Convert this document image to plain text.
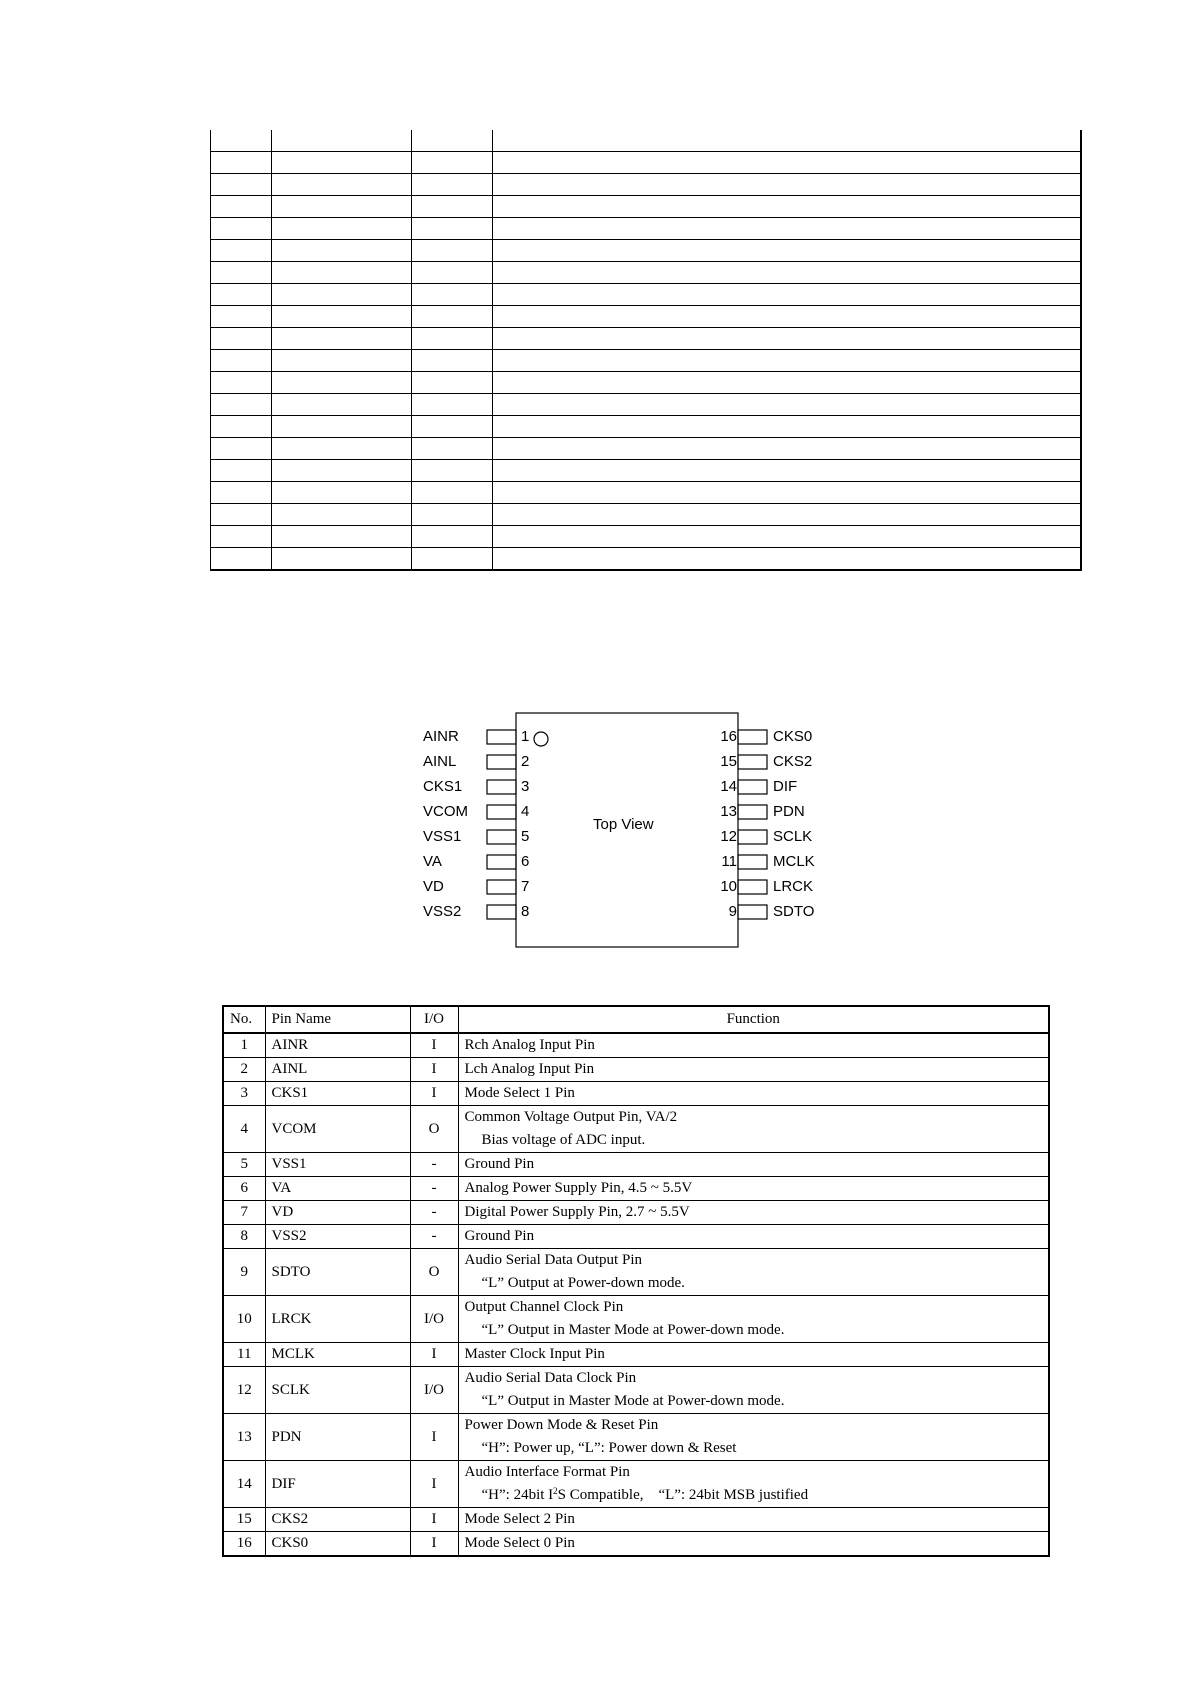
Top View
AINR	1
AINL	2
CKS1	3
VCOM	4
VSS1	5
VA	6
VD	7
VSS2	8
CKS0
16
CKS2
15
DIF
14
PDN
13
SCLK
12
MCLK
11
LRCK
10
SDTO
9
No.	Pin Name	I/O	Function
1	AINR	I	Rch Analog Input Pin

2	AINL	I	Lch Analog Input Pin

3	CKS1	I	Mode Select 1 Pin

4	VCOM	O	Common Voltage Output Pin, VA/2
Bias voltage of ADC input.

5	VSS1	-	Ground Pin

6	VA	-	Analog Power Supply Pin, 4.5 ~ 5.5V

7	VD	-	Digital Power Supply Pin, 2.7 ~ 5.5V

8	VSS2	-	Ground Pin

9	SDTO	O	Audio Serial Data Output Pin
“L” Output at Power-down mode.

10	LRCK	I/O	Output Channel Clock Pin
“L” Output in Master Mode at Power-down mode.

11	MCLK	I	Master Clock Input Pin

12	SCLK	I/O	Audio Serial Data Clock Pin
“L” Output in Master Mode at Power-down mode.

13	PDN	I	Power Down Mode & Reset Pin
“H”: Power up, “L”: Power down & Reset

14	DIF	I	Audio Interface Format Pin
“H”: 24bit $I^2S$ Compatible,    “L”: 24bit MSB justified

15	CKS2	I	Mode Select 2 Pin

16	CKS0	I	Mode Select 0 Pin
